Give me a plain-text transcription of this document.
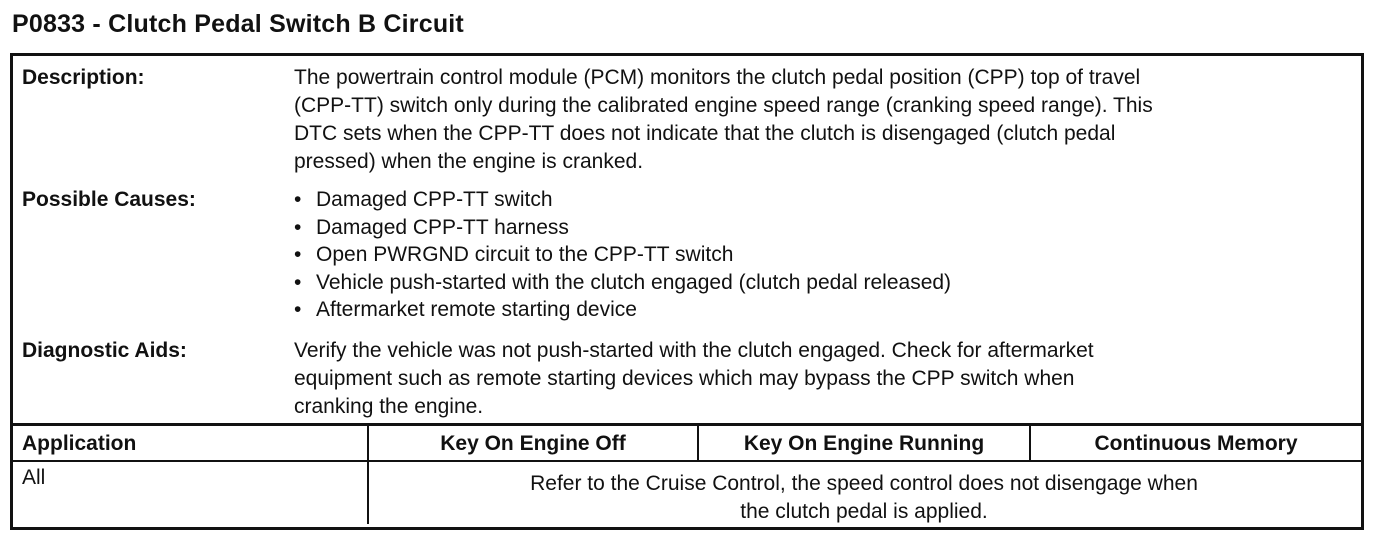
P0833 - Clutch Pedal Switch B Circuit
Description:	The powertrain control module (PCM) monitors the clutch pedal position (CPP) top of travel
(CPP-TT) switch only during the calibrated engine speed range (cranking speed range). This
DTC sets when the CPP-TT does not indicate that the clutch is disengaged (clutch pedal
pressed) when the engine is cranked.
Possible Causes:	• Damaged CPP-TT switch
• Damaged CPP-TT harness
• Open PWRGND circuit to the CPP-TT switch
• Vehicle push-started with the clutch engaged (clutch pedal released)
• Aftermarket remote starting device
Diagnostic Aids:	Verify the vehicle was not push-started with the clutch engaged. Check for aftermarket
equipment such as remote starting devices which may bypass the CPP switch when
cranking the engine.
Application	Key On Engine Off	Key On Engine Running	Continuous Memory
All	Refer to the Cruise Control, the speed control does not disengage when
the clutch pedal is applied.
